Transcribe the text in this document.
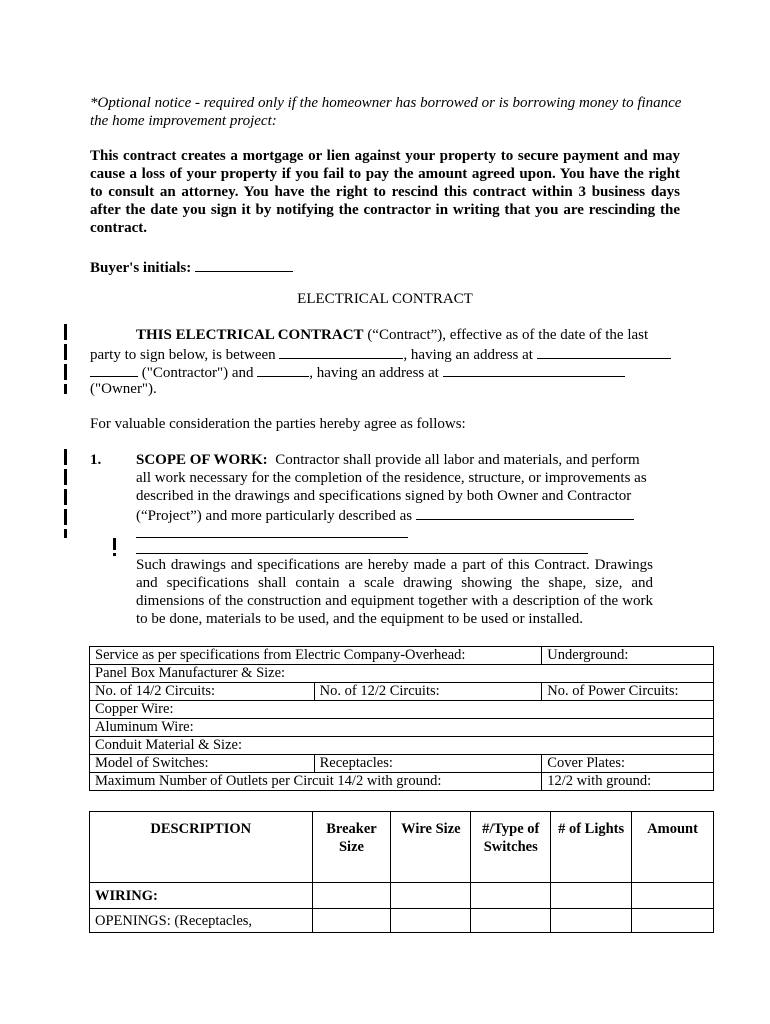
*Optional notice - required only if the homeowner has borrowed or is borrowing money to finance the home improvement project:
This contract creates a mortgage or lien against your property to secure payment and may cause a loss of your property if you fail to pay the amount agreed upon. You have the right to consult an attorney. You have the right to rescind this contract within 3 business days after the date you sign it by notifying the contractor in writing that you are rescinding the contract.
Buyer's initials:
ELECTRICAL CONTRACT
THIS ELECTRICAL CONTRACT (“Contract”), effective as of the date of the last
party to sign below, is between	, having an address at
("Contractor") and	, having an address at
("Owner").
For valuable consideration the parties hereby agree as follows:
1. SCOPE OF WORK: Contractor shall provide all labor and materials, and perform
all work necessary for the completion of the residence, structure, or improvements as
described in the drawings and specifications signed by both Owner and Contractor
(“Project”) and more particularly described as
Such drawings and specifications are hereby made a part of this Contract. Drawings and specifications shall contain a scale drawing showing the shape, size, and dimensions of the construction and equipment together with a description of the work to be done, materials to be used, and the equipment to be used or installed.
Service as per specifications from Electric Company-Overhead:		Underground:
Panel Box Manufacturer & Size:		
No. of 14/2 Circuits:	No. of 12/2 Circuits:	No. of Power Circuits:
Copper Wire:		
Aluminum Wire:		
Conduit Material & Size:		
Model of Switches:	Receptacles:	Cover Plates:
Maximum Number of Outlets per Circuit 14/2 with ground:		12/2 with ground:
DESCRIPTION	Breaker Size	Wire Size	#/Type of Switches	# of Lights	Amount
WIRING:					
OPENINGS: (Receptacles,					
